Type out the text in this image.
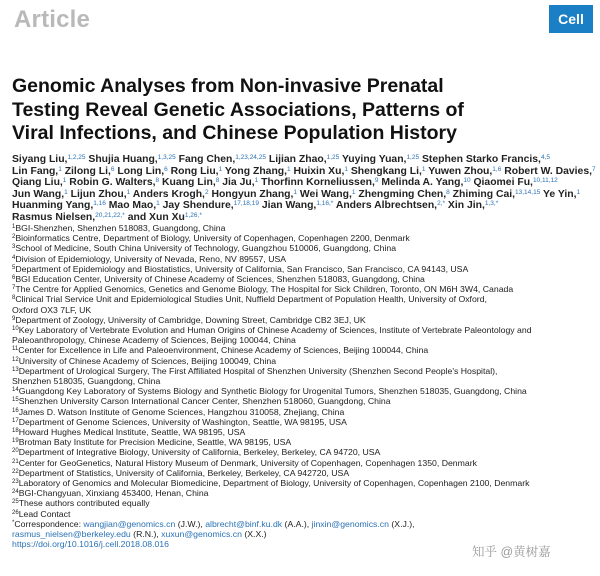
Article	Cell
Genomic Analyses from Non-invasive Prenatal
Testing Reveal Genetic Associations, Patterns of
Viral Infections, and Chinese Population History
Siyang Liu,$^{1,2,25}$ Shujia Huang,$^{1,3,25}$ Fang Chen,$^{1,23,24,25}$ Lijian Zhao,$^{1,25}$ Yuying Yuan,$^{1,25}$ Stephen Starko Francis,$^{4,5}$
Lin Fang,$^1$ Zilong Li,$^6$ Long Lin,$^6$ Rong Liu,$^1$ Yong Zhang,$^1$ Huixin Xu,$^1$ Shengkang Li,$^1$ Yuwen Zhou,$^{1,6}$ Robert W. Davies,$^7$
Qiang Liu,$^1$ Robin G. Walters,$^8$ Kuang Lin,$^8$ Jia Ju,$^1$ Thorfinn Korneliussen,$^9$ Melinda A. Yang,$^{10}$ Qiaomei Fu,$^{10,11,12}$
Jun Wang,$^1$ Lijun Zhou,$^1$ Anders Krogh,$^2$ Hongyun Zhang,$^1$ Wei Wang,$^1$ Zhengming Chen,$^8$ Zhiming Cai,$^{13,14,15}$ Ye Yin,$^1$
Huanming Yang,$^{1,16}$ Mao Mao,$^1$ Jay Shendure,$^{17,18,19}$ Jian Wang,$^{1,16,*}$ Anders Albrechtsen,$^{2,*}$ Xin Jin,$^{1,3,*}$
Rasmus Nielsen,$^{20,21,22,*}$ and Xun $Xu^{1,26,*}$
$^1$BGI-Shenzhen, Shenzhen 518083, Guangdong, China
$^2$Bioinformatics Centre, Department of Biology, University of Copenhagen, Copenhagen 2200, Denmark
$^3$School of Medicine, South China University of Technology, Guangzhou 510006, Guangdong, China
$^4$Division of Epidemiology, University of Nevada, Reno, NV 89557, USA
$^5$Department of Epidemiology and Biostatistics, University of California, San Francisco, San Francisco, CA 94143, USA
$^6$BGI Education Center, University of Chinese Academy of Sciences, Shenzhen 518083, Guangdong, China
$^7$The Centre for Applied Genomics, Genetics and Genome Biology, The Hospital for Sick Children, Toronto, ON M6H 3W4, Canada
$^8$Clinical Trial Service Unit and Epidemiological Studies Unit, Nuffield Department of Population Health, University of Oxford,
Oxford OX3 7LF, UK
$^9$Department of Zoology, University of Cambridge, Downing Street, Cambridge CB2 3EJ, UK
$^{10}$Key Laboratory of Vertebrate Evolution and Human Origins of Chinese Academy of Sciences, Institute of Vertebrate Paleontology and
Paleoanthropology, Chinese Academy of Sciences, Beijing 100044, China
$^{11}$Center for Excellence in Life and Paleoenvironment, Chinese Academy of Sciences, Beijing 100044, China
$^{12}$University of Chinese Academy of Sciences, Beijing 100049, China
$^{13}$Department of Urological Surgery, The First Affiliated Hospital of Shenzhen University (Shenzhen Second People's Hospital),
Shenzhen 518035, Guangdong, China
$^{14}$Guangdong Key Laboratory of Systems Biology and Synthetic Biology for Urogenital Tumors, Shenzhen 518035, Guangdong, China
$^{15}$Shenzhen University Carson International Cancer Center, Shenzhen 518060, Guangdong, China
$^{16}$James D. Watson Institute of Genome Sciences, Hangzhou 310058, Zhejiang, China
$^{17}$Department of Genome Sciences, University of Washington, Seattle, WA 98195, USA
$^{18}$Howard Hughes Medical Institute, Seattle, WA 98195, USA
$^{19}$Brotman Baty Institute for Precision Medicine, Seattle, WA 98195, USA
$^{20}$Department of Integrative Biology, University of California, Berkeley, Berkeley, CA 94720, USA
$^{21}$Center for GeoGenetics, Natural History Museum of Denmark, University of Copenhagen, Copenhagen 1350, Denmark
$^{22}$Department of Statistics, University of California, Berkeley, Berkeley, CA 942720, USA
$^{23}$Laboratory of Genomics and Molecular Biomedicine, Department of Biology, University of Copenhagen, Copenhagen 2100, Denmark
$^{24}$BGI-Changyuan, Xinxiang 453400, Henan, China
$^{25}$These authors contributed equally
$^{26}$Lead Contact
*Correspondence: wangjian@genomics.cn (J.W.), albrecht@binf.ku.dk (A.A.), jinxin@genomics.cn (X.J.),
rasmus_nielsen@berkeley.edu (R.N.), xuxun@genomics.cn (X.X.)
https://doi.org/10.1016/j.cell.2018.08.016
知乎 @黄树嘉
